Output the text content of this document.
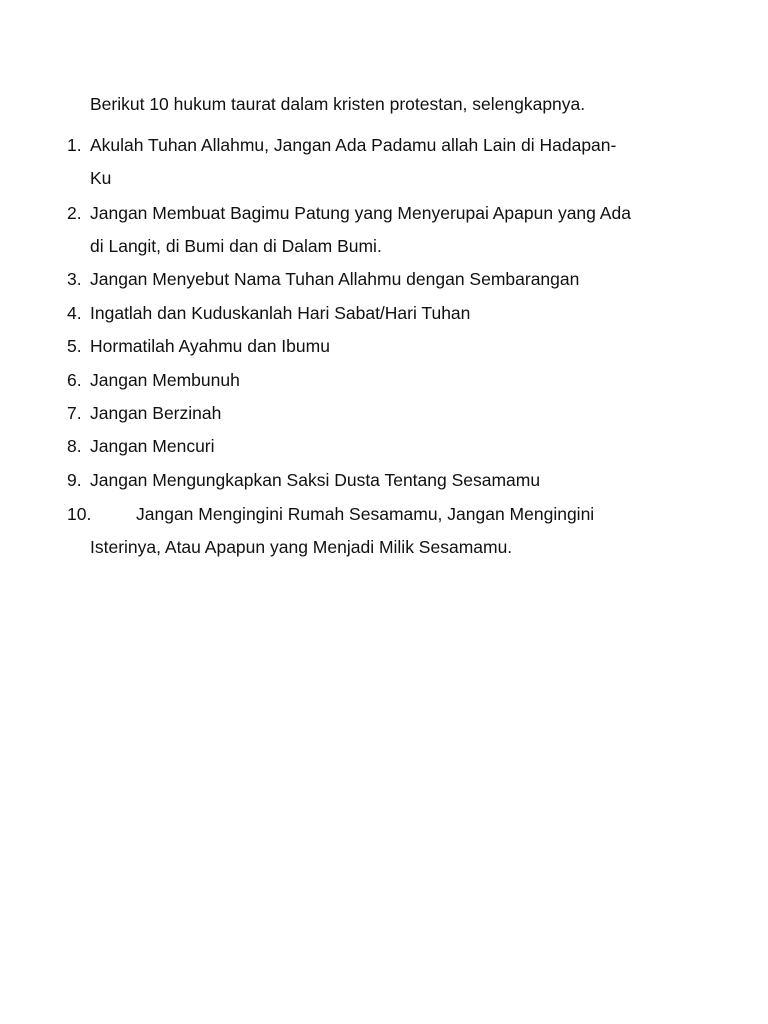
Berikut 10 hukum taurat dalam kristen protestan, selengkapnya.
1. Akulah Tuhan Allahmu, Jangan Ada Padamu allah Lain di Hadapan-
Ku
2. Jangan Membuat Bagimu Patung yang Menyerupai Apapun yang Ada
di Langit, di Bumi dan di Dalam Bumi.
3. Jangan Menyebut Nama Tuhan Allahmu dengan Sembarangan
4. Ingatlah dan Kuduskanlah Hari Sabat/Hari Tuhan
5. Hormatilah Ayahmu dan Ibumu
6. Jangan Membunuh
7. Jangan Berzinah
8. Jangan Mencuri
9. Jangan Mengungkapkan Saksi Dusta Tentang Sesamamu
10.	Jangan Mengingini Rumah Sesamamu, Jangan Mengingini
Isterinya, Atau Apapun yang Menjadi Milik Sesamamu.
